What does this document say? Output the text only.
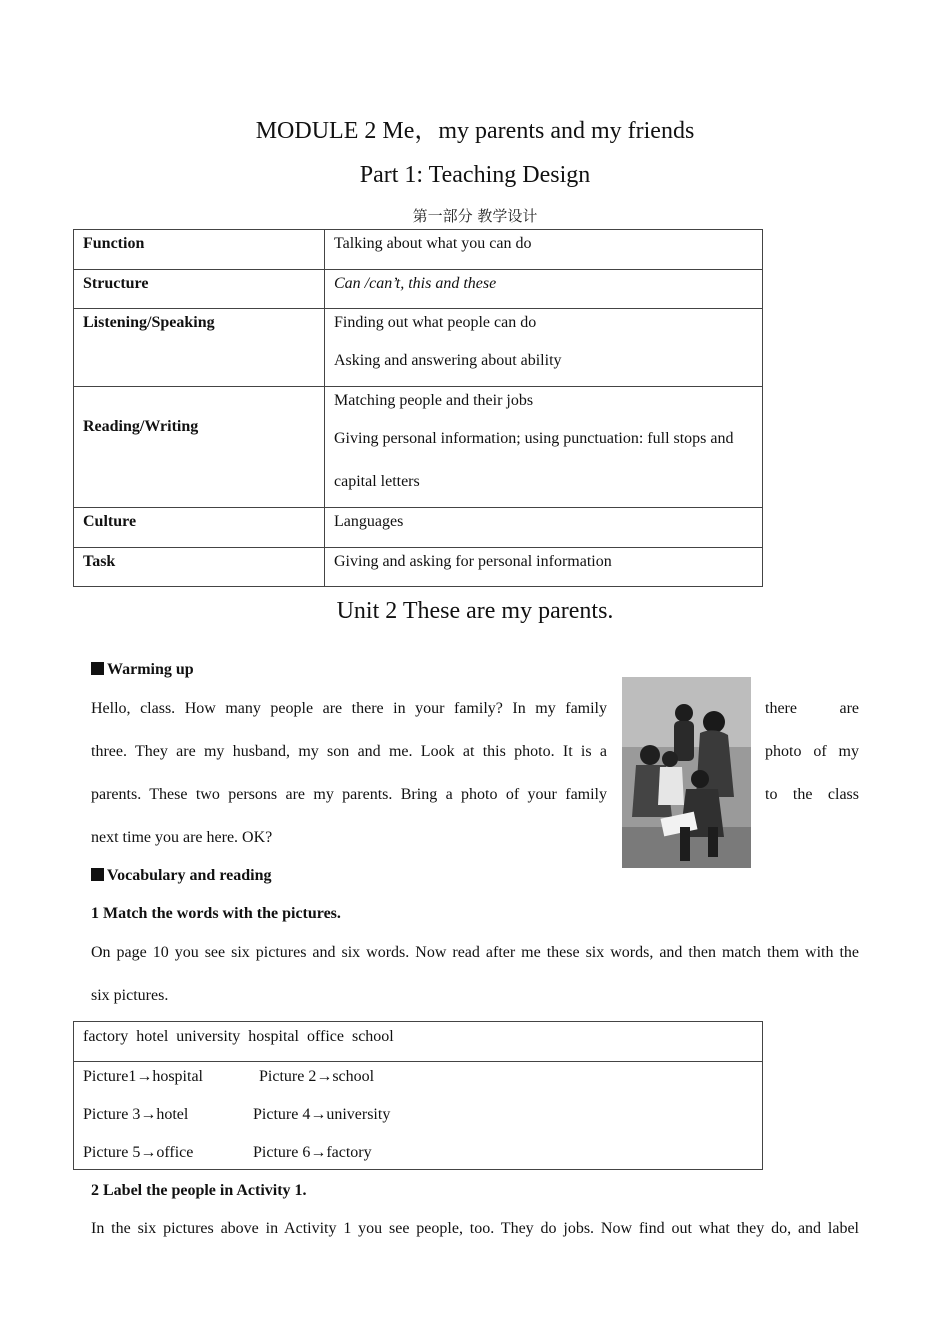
MODULE 2 Me，my parents and my friends
Part 1: Teaching Design
第一部分 教学设计
Function	Talking about what you can do

Structure	Can /can’t, this and these

Listening/Speaking	Finding out what people can do
Asking and answering about ability

Reading/Writing	Matching people and their jobs
Giving personal information; using punctuation: full stops and
capital letters

Culture	Languages

Task	Giving and asking for personal information
Unit 2 These are my parents.
Warming up
Hello, class. How many people are there in your family? In my family
three. They are my husband, my son and me. Look at this photo. It is a
parents. These two persons are my parents. Bring a photo of your family
next time you are here. OK?
there are
photo of my
to the class
Vocabulary and reading
1 Match the words with the pictures.
On page 10 you see six pictures and six words. Now read after me these six words, and then match them with the
six pictures.
factory  hotel  university  hospital  office  school

Picture1→hospital	Picture 2→school
Picture 3→hotel	Picture 4→university
Picture 5→office	Picture 6→factory
2 Label the people in Activity 1.
In the six pictures above in Activity 1 you see people, too. They do jobs. Now find out what they do, and label
